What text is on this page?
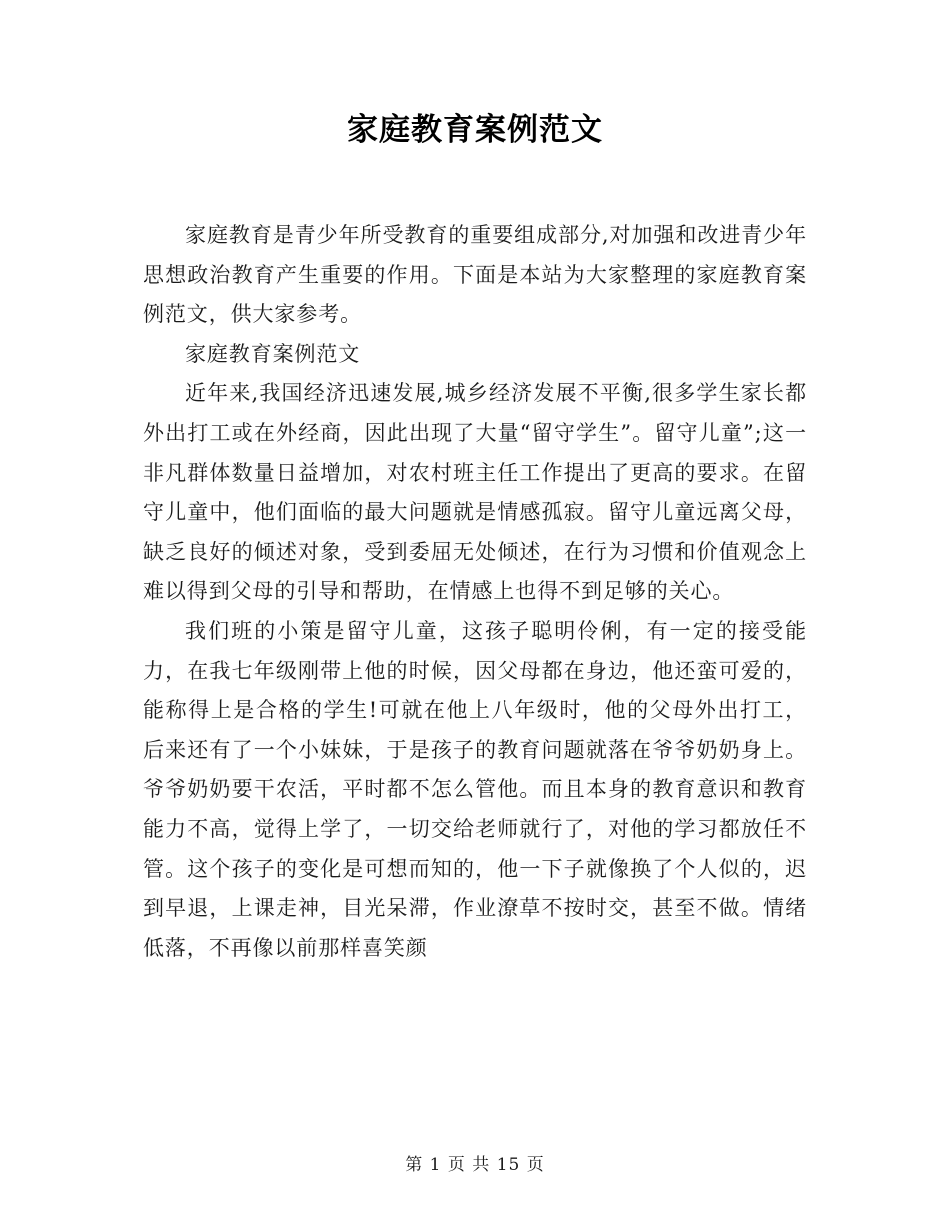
家庭教育案例范文

家庭教育是青少年所受教育的重要组成部分,对加强和改进青少年思想政治教育产生重要的作用。下面是本站为大家整理的家庭教育案例范文，供大家参考。

家庭教育案例范文

近年来,我国经济迅速发展,城乡经济发展不平衡,很多学生家长都外出打工或在外经商，因此出现了大量“留守学生”。留守儿童”;这一非凡群体数量日益增加，对农村班主任工作提出了更高的要求。在留守儿童中，他们面临的最大问题就是情感孤寂。留守儿童远离父母，缺乏良好的倾述对象，受到委屈无处倾述，在行为习惯和价值观念上难以得到父母的引导和帮助，在情感上也得不到足够的关心。

我们班的小策是留守儿童，这孩子聪明伶俐，有一定的接受能力，在我七年级刚带上他的时候，因父母都在身边，他还蛮可爱的，能称得上是合格的学生!可就在他上八年级时，他的父母外出打工，后来还有了一个小妹妹，于是孩子的教育问题就落在爷爷奶奶身上。爷爷奶奶要干农活，平时都不怎么管他。而且本身的教育意识和教育能力不高，觉得上学了，一切交给老师就行了，对他的学习都放任不管。这个孩子的变化是可想而知的，他一下子就像换了个人似的，迟到早退，上课走神，目光呆滞，作业潦草不按时交，甚至不做。情绪低落，不再像以前那样喜笑颜

第 1 页 共 15 页
